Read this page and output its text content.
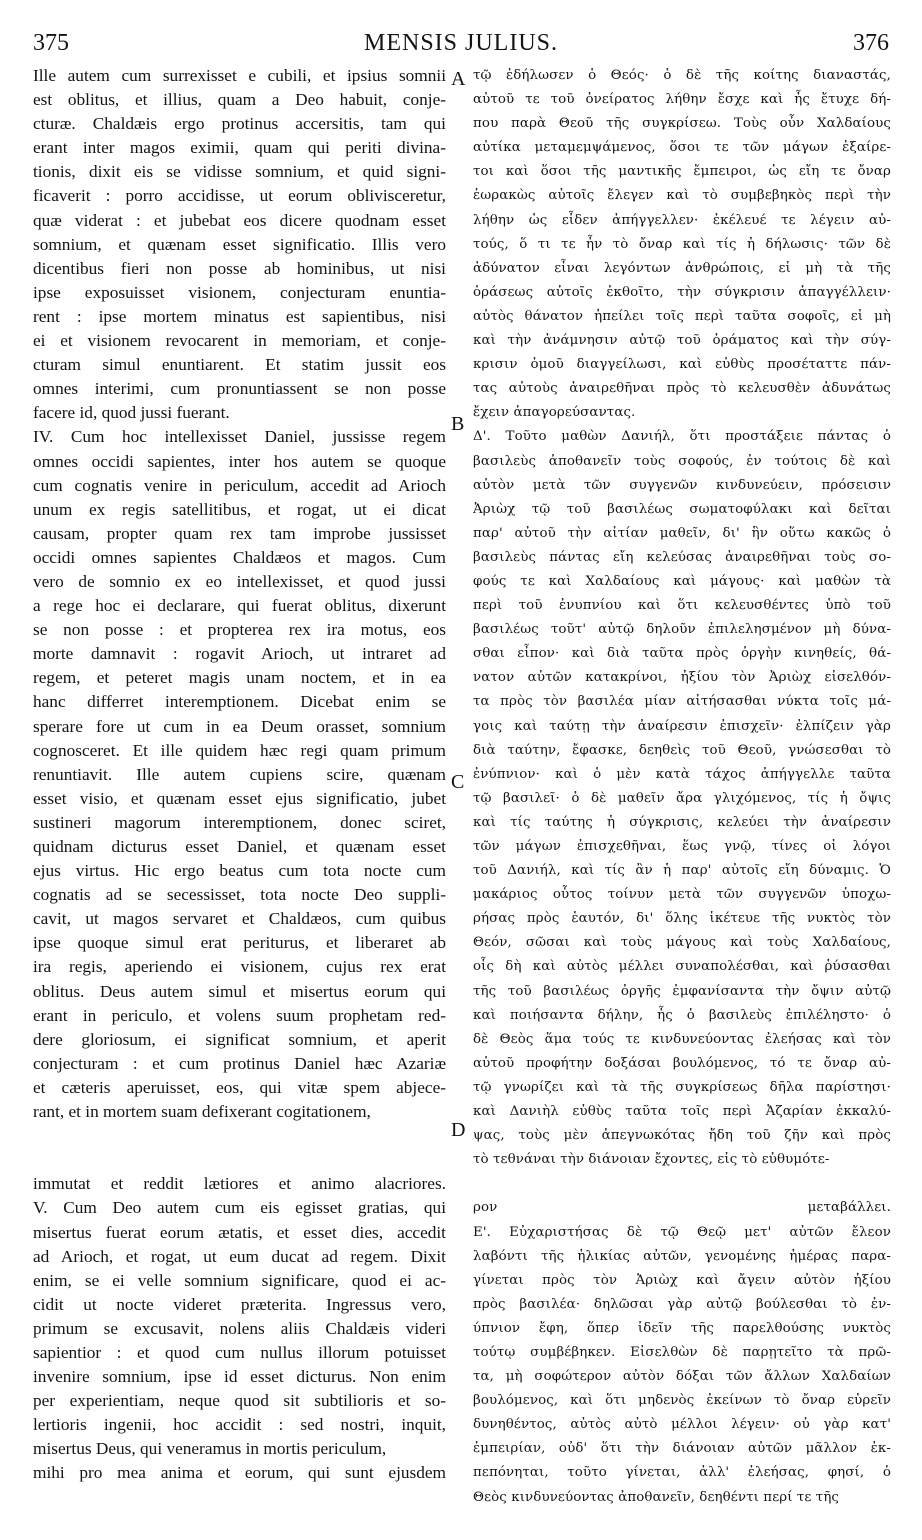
375	MENSIS JULIUS.	376
Ille autem cum surrexisset e cubili, et ipsius somnii
est oblitus, et illius, quam a Deo habuit, conje-
cturæ. Chaldæis ergo protinus accersitis, tam qui
erant inter magos eximii, quam qui periti divina-
tionis, dixit eis se vidisse somnium, et quid signi-
ficaverit : porro accidisse, ut eorum oblivisceretur,
quæ viderat : et jubebat eos dicere quodnam esset
somnium, et quænam esset significatio. Illis vero
dicentibus fieri non posse ab hominibus, ut nisi
ipse exposuisset visionem, conjecturam enuntia-
rent : ipse mortem minatus est sapientibus, nisi
ei et visionem revocarent in memoriam, et conje-
cturam simul enuntiarent. Et statim jussit eos
omnes interimi, cum pronuntiassent se non posse
facere id, quod jussi fuerant.
IV. Cum hoc intellexisset Daniel, jussisse regem
omnes occidi sapientes, inter hos autem se quoque
cum cognatis venire in periculum, accedit ad Arioch
unum ex regis satellitibus, et rogat, ut ei dicat
causam, propter quam rex tam improbe jussisset
occidi omnes sapientes Chaldæos et magos. Cum
vero de somnio ex eo intellexisset, et quod jussi
a rege hoc ei declarare, qui fuerat oblitus, dixerunt
se non posse : et propterea rex ira motus, eos
morte damnavit : rogavit Arioch, ut intraret ad
regem, et peteret magis unam noctem, et in ea
hanc differret interemptionem. Dicebat enim se
sperare fore ut cum in ea Deum orasset, somnium
cognosceret. Et ille quidem hæc regi quam primum
renuntiavit. Ille autem cupiens scire, quænam
esset visio, et quænam esset ejus significatio, jubet
sustineri magorum interemptionem, donec sciret,
quidnam dicturus esset Daniel, et quænam esset
ejus virtus. Hic ergo beatus cum tota nocte cum
cognatis ad se secessisset, tota nocte Deo suppli-
cavit, ut magos servaret et Chaldæos, cum quibus
ipse quoque simul erat periturus, et liberaret ab
ira regis, aperiendo ei visionem, cujus rex erat
oblitus. Deus autem simul et misertus eorum qui
erant in periculo, et volens suum prophetam red-
dere gloriosum, ei significat somnium, et aperit
conjecturam : et cum protinus Daniel hæc Azariæ
et cæteris aperuisset, eos, qui vitæ spem abjece-
rant, et in mortem suam defixerant cogitationem,
immutat et reddit lætiores et animo alacriores.
V. Cum Deo autem cum eis egisset gratias, qui
misertus fuerat eorum ætatis, et esset dies, accedit
ad Arioch, et rogat, ut eum ducat ad regem. Dixit
enim, se ei velle somnium significare, quod ei ac-
cidit ut nocte videret præterita. Ingressus vero,
primum se excusavit, nolens aliis Chaldæis videri
sapientior : et quod cum nullus illorum potuisset
invenire somnium, ipse id esset dicturus. Non enim
per experientiam, neque quod sit subtilioris et so-
lertioris ingenii, hoc accidit : sed nostri, inquit,
misertus Deus, qui veneramus in mortis periculum,
mihi pro mea anima et eorum, qui sunt ejusdem
τῷ ἐδήλωσεν ὁ Θεός· ὁ δὲ τῆς κοίτης διαναστάς,
αὐτοῦ τε τοῦ ὀνείρατος λήθην ἔσχε καὶ ἧς ἔτυχε δή-
που παρὰ Θεοῦ τῆς συγκρίσεω. Τοὺς οὖν Χαλδαίους
αὐτίκα μεταμεμψάμενος, ὅσοι τε τῶν μάγων ἐξαίρε-
τοι καὶ ὅσοι τῆς μαντικῆς ἔμπειροι, ὡς εἴη τε ὄναρ
ἑωρακὼς αὐτοῖς ἔλεγεν καὶ τὸ συμβεβηκὸς περὶ τὴν
λήθην ὡς εἶδεν ἀπήγγελλεν· ἐκέλευέ τε λέγειν αὐ-
τούς, ὅ τι τε ἦν τὸ ὄναρ καὶ τίς ἡ δήλωσις· τῶν δὲ
ἀδύνατον εἶναι λεγόντων ἀνθρώποις, εἰ μὴ τὰ τῆς
ὁράσεως αὐτοῖς ἐκθοῖτο, τὴν σύγκρισιν ἀπαγγέλλειν·
αὐτὸς θάνατον ἠπείλει τοῖς περὶ ταῦτα σοφοῖς, εἰ μὴ
καὶ τὴν ἀνάμνησιν αὐτῷ τοῦ ὁράματος καὶ τὴν σύγ-
κρισιν ὁμοῦ διαγγείλωσι, καὶ εὐθὺς προσέταττε πάν-
τας αὐτοὺς ἀναιρεθῆναι πρὸς τὸ κελευσθὲν ἀδυνάτως
ἔχειν ἀπαγορεύσαντας.
Δ'. Τοῦτο μαθὼν Δανιήλ, ὅτι προστάξειε πάντας ὁ
βασιλεὺς ἀποθανεῖν τοὺς σοφούς, ἐν τούτοις δὲ καὶ
αὐτὸν μετὰ τῶν συγγενῶν κινδυνεύειν, πρόσεισιν
Ἀριὼχ τῷ τοῦ βασιλέως σωματοφύλακι καὶ δεῖται
παρ' αὐτοῦ τὴν αἰτίαν μαθεῖν, δι' ἣν οὕτω κακῶς ὁ
βασιλεὺς πάντας εἴη κελεύσας ἀναιρεθῆναι τοὺς σο-
φούς τε καὶ Χαλδαίους καὶ μάγους· καὶ μαθὼν τὰ
περὶ τοῦ ἐνυπνίου καὶ ὅτι κελευσθέντες ὑπὸ τοῦ
βασιλέως τοῦτ' αὐτῷ δηλοῦν ἐπιλελησμένον μὴ δύνα-
σθαι εἶπον· καὶ διὰ ταῦτα πρὸς ὀργὴν κινηθείς, θά-
νατον αὐτῶν κατακρίνοι, ἠξίου τὸν Ἀριὼχ εἰσελθόν-
τα πρὸς τὸν βασιλέα μίαν αἰτήσασθαι νύκτα τοῖς μά-
γοις καὶ ταύτῃ τὴν ἀναίρεσιν ἐπισχεῖν· ἐλπίζειν γὰρ
διὰ ταύτην, ἔφασκε, δεηθεὶς τοῦ Θεοῦ, γνώσεσθαι τὸ
ἐνύπνιον· καὶ ὁ μὲν κατὰ τάχος ἀπήγγελλε ταῦτα
τῷ βασιλεῖ· ὁ δὲ μαθεῖν ἄρα γλιχόμενος, τίς ἡ ὄψις
καὶ τίς ταύτης ἡ σύγκρισις, κελεύει τὴν ἀναίρεσιν
τῶν μάγων ἐπισχεθῆναι, ἕως γνῷ, τίνες οἱ λόγοι
τοῦ Δανιήλ, καὶ τίς ἂν ἡ παρ' αὐτοῖς εἴη δύναμις. Ὁ
μακάριος οὗτος τοίνυν μετὰ τῶν συγγενῶν ὑποχω-
ρήσας πρὸς ἑαυτόν, δι' ὅλης ἱκέτευε τῆς νυκτὸς τὸν
Θεόν, σῶσαι καὶ τοὺς μάγους καὶ τοὺς Χαλδαίους,
οἷς δὴ καὶ αὐτὸς μέλλει συναπολέσθαι, καὶ ῥύσασθαι
τῆς τοῦ βασιλέως ὀργῆς ἐμφανίσαντα τὴν ὄψιν αὐτῷ
καὶ ποιήσαντα δήλην, ἧς ὁ βασιλεὺς ἐπιλέληστο· ὁ
δὲ Θεὸς ἅμα τούς τε κινδυνεύοντας ἐλεήσας καὶ τὸν
αὐτοῦ προφήτην δοξάσαι βουλόμενος, τό τε ὄναρ αὐ-
τῷ γνωρίζει καὶ τὰ τῆς συγκρίσεως δῆλα παρίστησι·
καὶ Δανιὴλ εὐθὺς ταῦτα τοῖς περὶ Ἀζαρίαν ἐκκαλύ-
ψας, τοὺς μὲν ἀπεγνωκότας ἤδη τοῦ ζῆν καὶ πρὸς
τὸ τεθνάναι τὴν διάνοιαν ἔχοντες, εἰς τὸ εὐθυμότε-
ρον μεταβάλλει.
Ε'. Εὐχαριστήσας δὲ τῷ Θεῷ μετ' αὐτῶν ἔλεον
λαβόντι τῆς ἡλικίας αὐτῶν, γενομένης ἡμέρας παρα-
γίνεται πρὸς τὸν Ἀριὼχ καὶ ἄγειν αὐτὸν ἠξίου
πρὸς βασιλέα· δηλῶσαι γὰρ αὐτῷ βούλεσθαι τὸ ἐν-
ύπνιον ἔφη, ὅπερ ἰδεῖν τῆς παρελθούσης νυκτὸς
τούτῳ συμβέβηκεν. Εἰσελθὼν δὲ παρῃτεῖτο τὰ πρῶ-
τα, μὴ σοφώτερον αὐτὸν δόξαι τῶν ἄλλων Χαλδαίων
βουλόμενος, καὶ ὅτι μηδενὸς ἐκείνων τὸ ὄναρ εὑρεῖν
δυνηθέντος, αὐτὸς αὐτὸ μέλλοι λέγειν· οὐ γὰρ κατ'
ἐμπειρίαν, οὐδ' ὅτι τὴν διάνοιαν αὐτῶν μᾶλλον ἐκ-
πεπόνηται, τοῦτο γίνεται, ἀλλ' ἐλεήσας, φησί, ὁ
Θεὸς κινδυνεύοντας ἀποθανεῖν, δεηθέντι περί τε τῆς
A
B
C
D
